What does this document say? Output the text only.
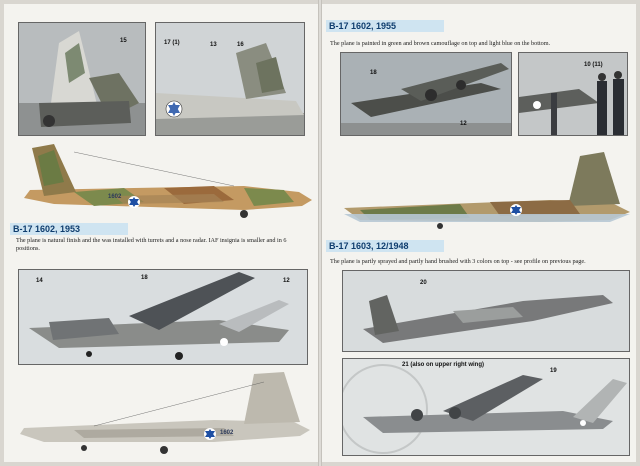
15	17 (1)	13	16
1602
B-17 1602, 1953
The plane is natural finish and the was installed with turrets and a nose radar. IAF insignia is smaller and in 6 positions.
14	18	12
1602
B-17 1602, 1955
The plane is painted in green and brown camouflage on top and light blue on the bottom.
18
12
10 (11)
B-17 1603, 12/1948
The plane is partly sprayed and partly hand brushed with 3 colors on top - see profile on previous page.
20
21 (also on upper right wing)
19
